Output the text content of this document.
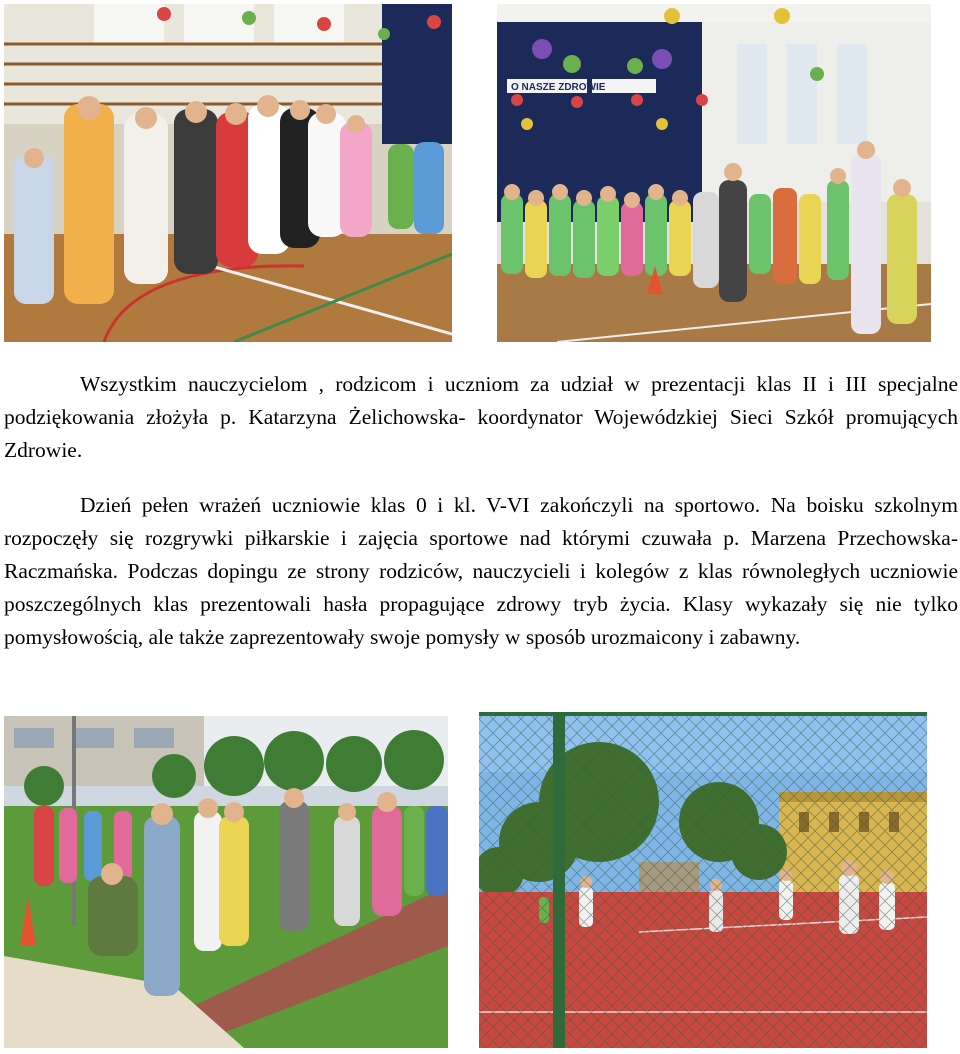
O NASZE ZDROWIE

Wszystkim nauczycielom , rodzicom i uczniom za udział w prezentacji klas II i III specjalne podziękowania złożyła p. Katarzyna Żelichowska- koordynator Wojewódzkiej Sieci Szkół promujących Zdrowie.

Dzień pełen wrażeń uczniowie klas 0 i kl. V-VI zakończyli na sportowo. Na boisku szkolnym rozpoczęły się rozgrywki piłkarskie i zajęcia sportowe nad którymi czuwała p. Marzena Przechowska- Raczmańska. Podczas dopingu ze strony rodziców, nauczycieli i kolegów z klas równoległych uczniowie poszczególnych klas prezentowali hasła propagujące zdrowy tryb życia. Klasy wykazały się nie tylko pomysłowością, ale także zaprezentowały swoje pomysły w sposób urozmaicony i zabawny.
